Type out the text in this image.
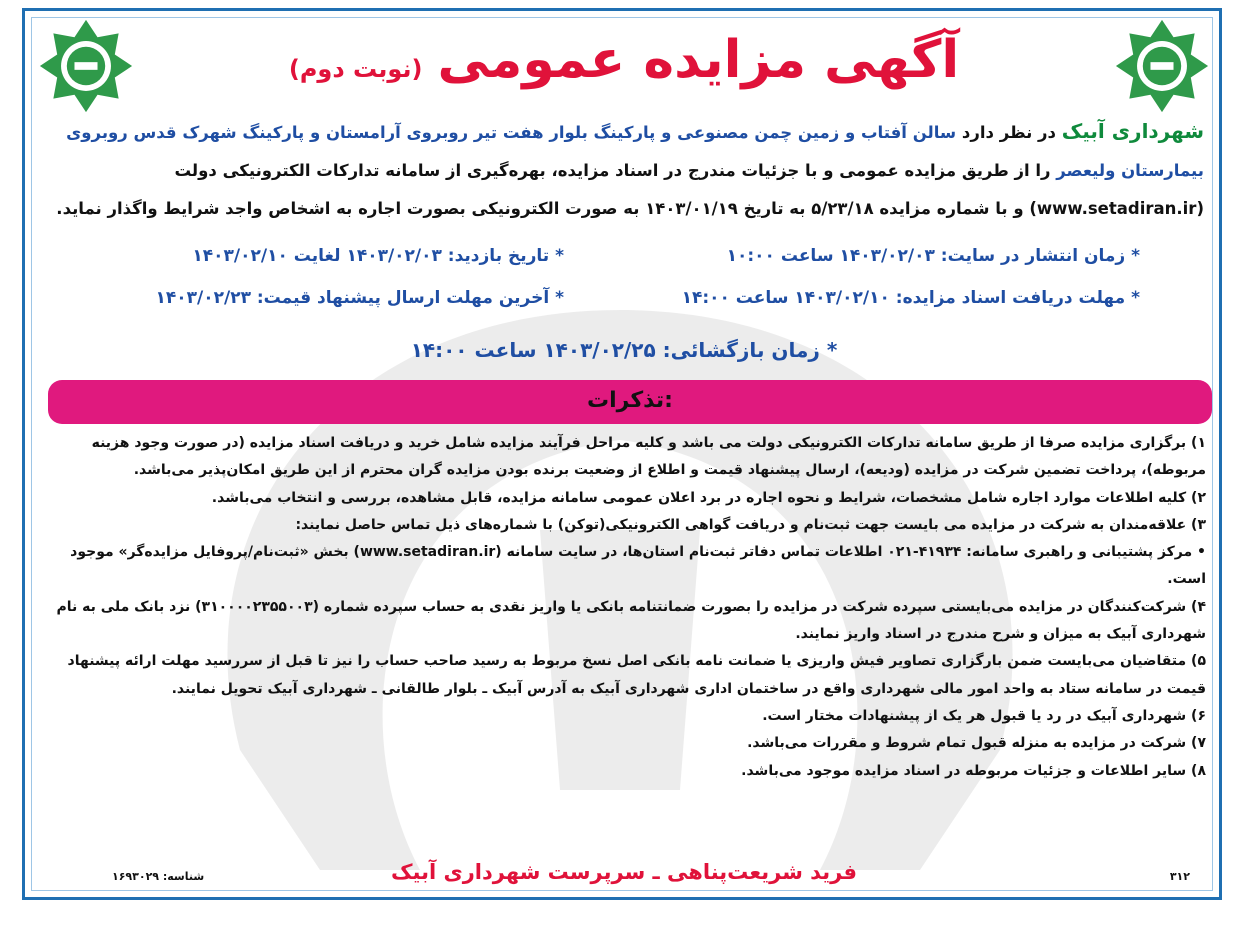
آگهی مزایده عمومی (نوبت دوم)
شهرداری آبیک در نظر دارد سالن آفتاب و زمین چمن مصنوعی و پارکینگ بلوار هفت تیر روبروی آرامستان و پارکینگ شهرک قدس روبروی بیمارستان ولیعصر را از طریق مزایده عمومی و با جزئیات مندرج در اسناد مزایده، بهره‌گیری از سامانه تدارکات الکترونیکی دولت (www.setadiran.ir) و با شماره مزایده ۵/۲۳/۱۸ به تاریخ ۱۴۰۳/۰۱/۱۹ به صورت الکترونیکی بصورت اجاره به اشخاص واجد شرایط واگذار نماید.
* زمان انتشار در سایت: ۱۴۰۳/۰۲/۰۳ ساعت ۱۰:۰۰
* تاریخ بازدید: ۱۴۰۳/۰۲/۰۳ لغایت ۱۴۰۳/۰۲/۱۰
* مهلت دریافت اسناد مزایده: ۱۴۰۳/۰۲/۱۰ ساعت ۱۴:۰۰
* آخرین مهلت ارسال پیشنهاد قیمت: ۱۴۰۳/۰۲/۲۳
* زمان بازگشائی: ۱۴۰۳/۰۲/۲۵ ساعت ۱۴:۰۰
تذکرات:

۱) برگزاری مزایده صرفا از طریق سامانه تدارکات الکترونیکی دولت می باشد و کلیه مراحل فرآیند مزایده شامل خرید و دریافت اسناد مزایده (در صورت وجود هزینه مربوطه)، پرداخت تضمین شرکت در مزایده (ودیعه)، ارسال پیشنهاد قیمت و اطلاع از وضعیت برنده بودن مزایده گران محترم از این طریق امکان‌پذیر می‌باشد.

۲) کلیه اطلاعات موارد اجاره شامل مشخصات، شرایط و نحوه اجاره در برد اعلان عمومی سامانه مزایده، قابل مشاهده، بررسی و انتخاب می‌باشد.

۳) علاقه‌مندان به شرکت در مزایده می بایست جهت ثبت‌نام و دریافت گواهی الکترونیکی(توکن) با شماره‌های ذیل تماس حاصل نمایند:

• مرکز پشتیبانی و راهبری سامانه: ۴۱۹۳۴-۰۲۱ اطلاعات تماس دفاتر ثبت‌نام استان‌ها، در سایت سامانه (www.setadiran.ir) بخش «ثبت‌نام/پروفایل مزایده‌گر» موجود است.

۴) شرکت‌کنندگان در مزایده می‌بایستی سپرده شرکت در مزایده را بصورت ضمانتنامه بانکی یا واریز نقدی به حساب سپرده شماره (۳۱۰۰۰۰۲۳۵۵۰۰۳) نزد بانک ملی به نام شهرداری آبیک به میزان و شرح مندرج در اسناد واریز نمایند.

۵) متقاضیان می‌بایست ضمن بارگزاری تصاویر فیش واریزی یا ضمانت نامه بانکی اصل نسخ مربوط به رسید صاحب حساب را نیز تا قبل از سررسید مهلت ارائه پیشنهاد قیمت در سامانه ستاد به واحد امور مالی شهرداری واقع در ساختمان اداری شهرداری آبیک به آدرس آبیک ـ بلوار طالقانی ـ شهرداری آبیک تحویل نمایند.

۶) شهرداری آبیک در رد یا قبول هر یک از پیشنهادات مختار است.

۷) شرکت در مزایده به منزله قبول تمام شروط و مقررات می‌باشد.

۸) سایر اطلاعات و جزئیات مربوطه در اسناد مزایده موجود می‌باشد.

۳۱۲
فرید شریعت‌پناهی ـ سرپرست شهرداری آبیک
شناسه: ۱۶۹۳۰۲۹
